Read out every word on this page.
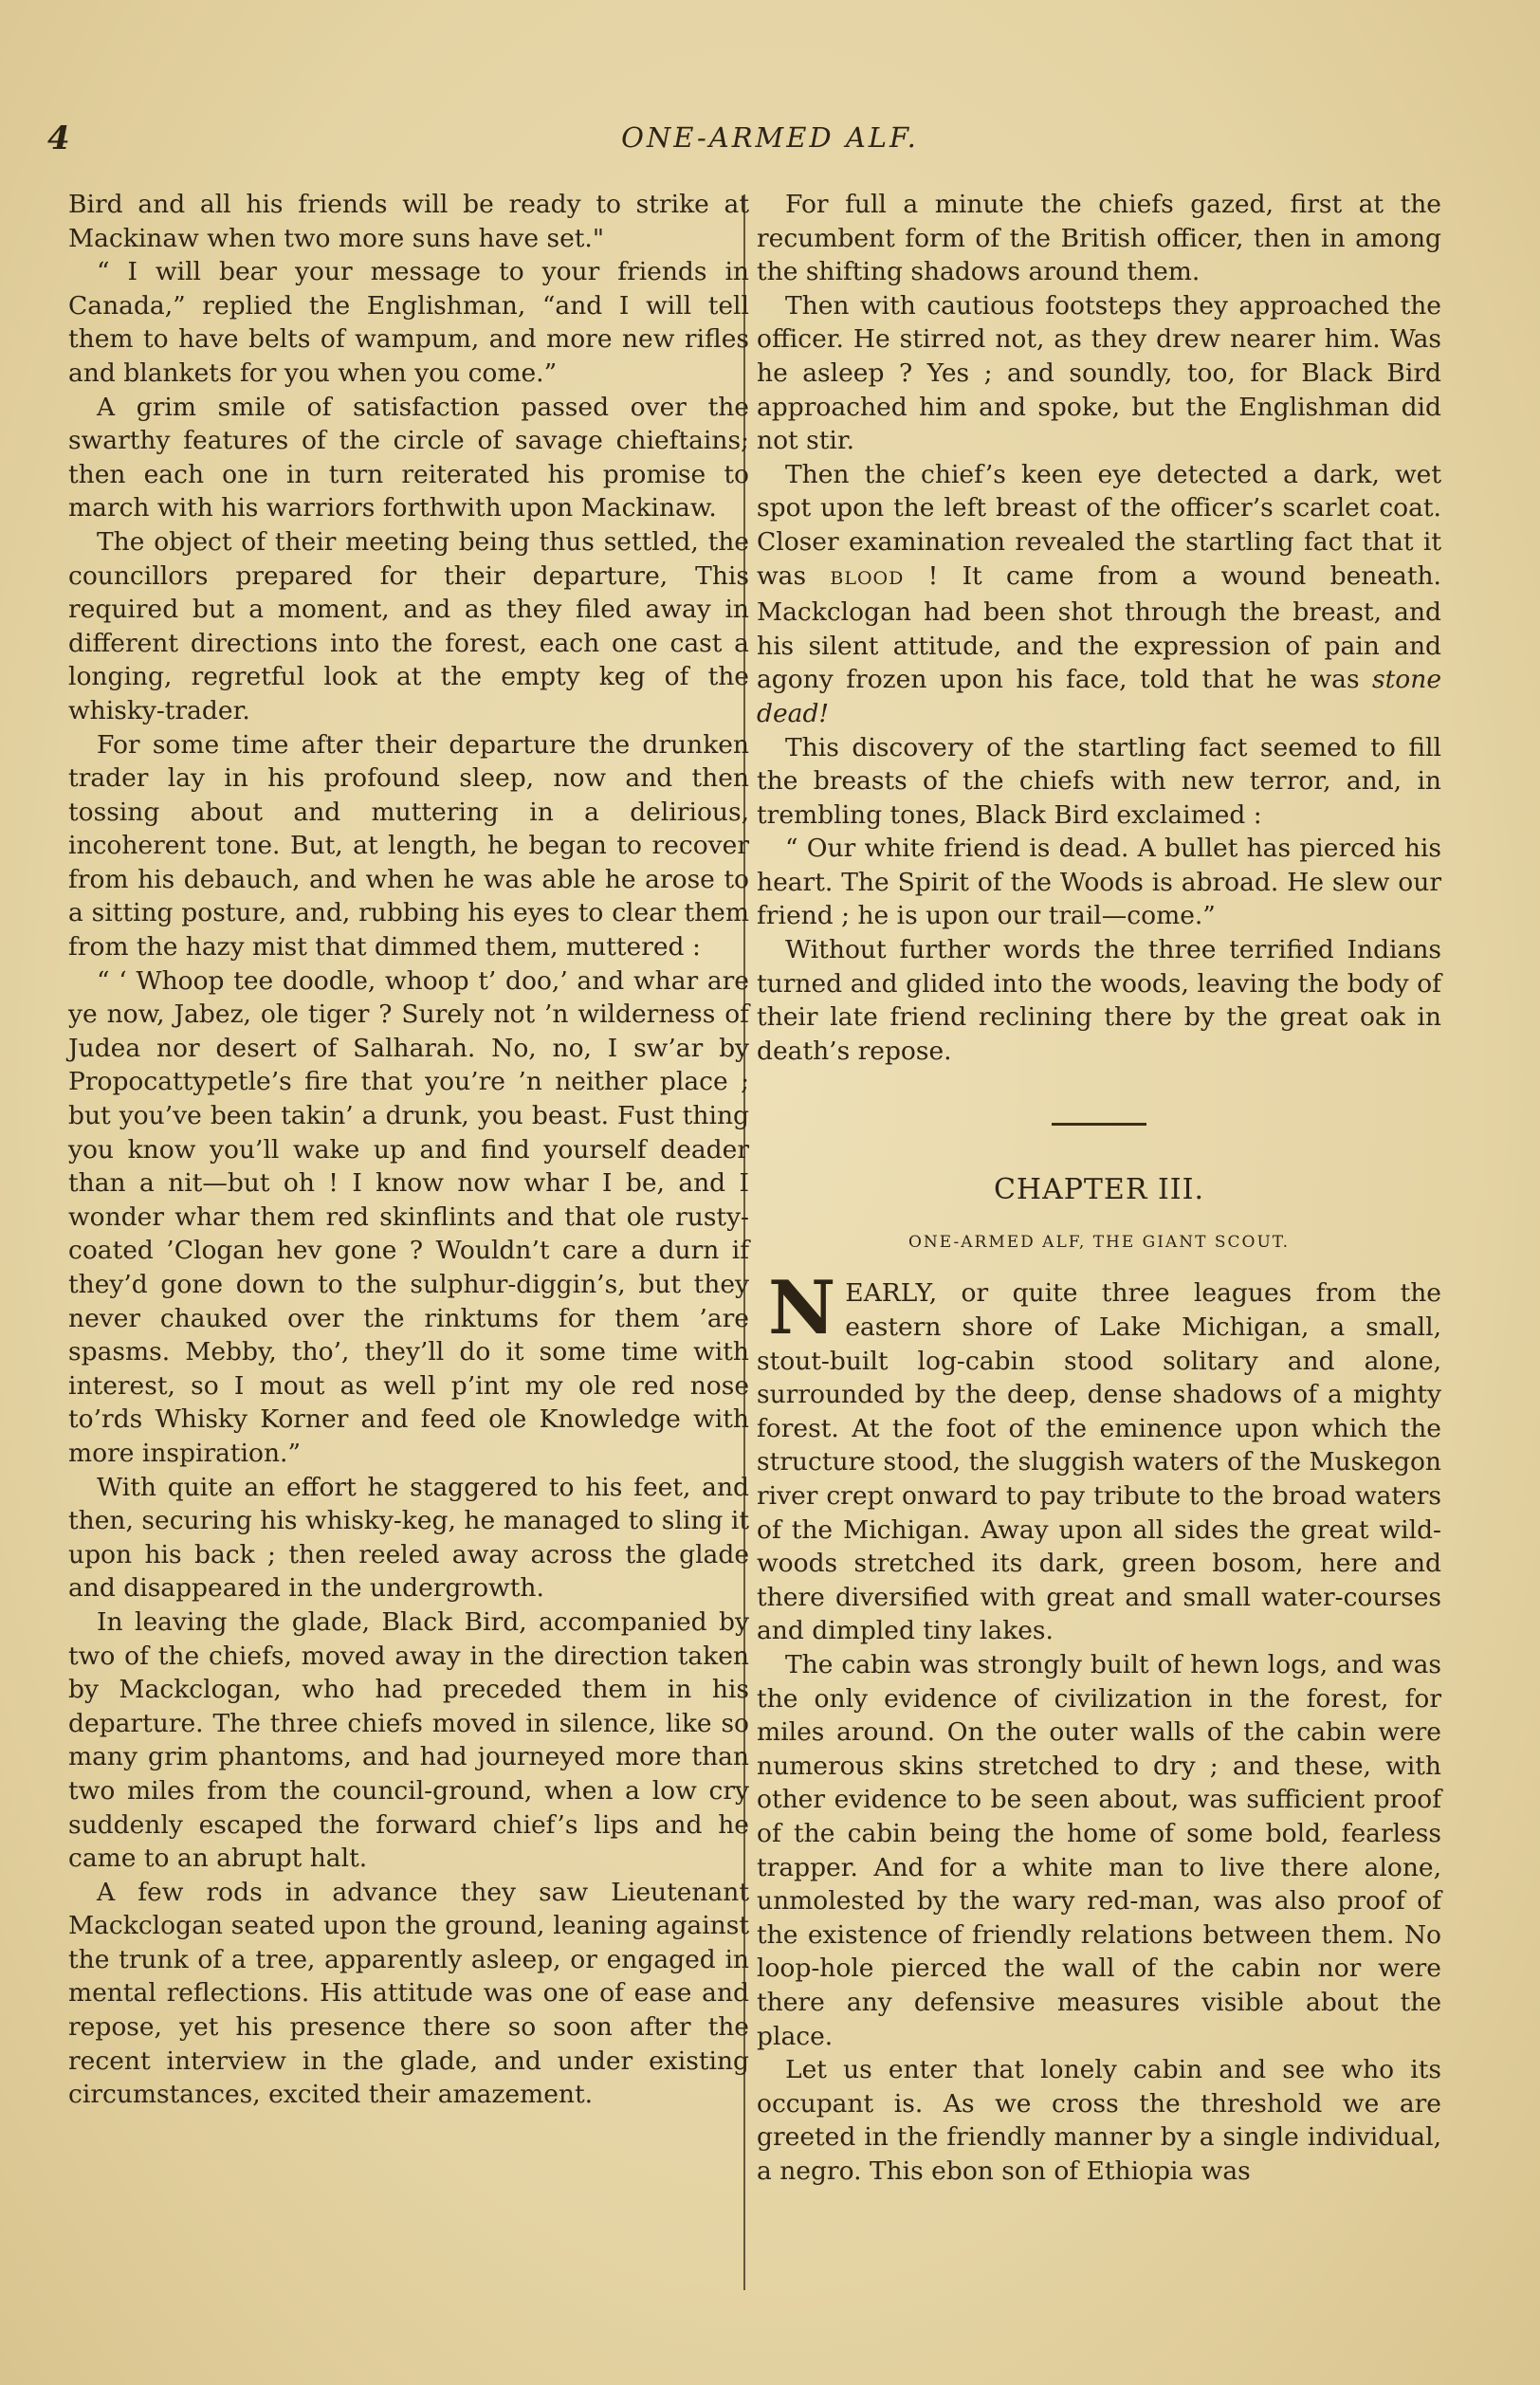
4	ONE-ARMED ALF.

Bird and all his friends will be ready to strike at Mackinaw when two more suns have set."

“ I will bear your message to your friends in Canada,” replied the Englishman, “and I will tell them to have belts of wampum, and more new rifles and blankets for you when you come.”

A grim smile of satisfaction passed over the swarthy features of the circle of savage chieftains; then each one in turn reiterated his promise to march with his warriors forthwith upon Mackinaw.

The object of their meeting being thus settled, the councillors prepared for their departure, This required but a moment, and as they filed away in different directions into the forest, each one cast a longing, regretful look at the empty keg of the whisky-trader.

For some time after their departure the drunken trader lay in his profound sleep, now and then tossing about and muttering in a delirious, incoherent tone. But, at length, he began to recover from his debauch, and when he was able he arose to a sitting posture, and, rubbing his eyes to clear them from the hazy mist that dimmed them, muttered :

“ ‘ Whoop tee doodle, whoop t’ doo,’ and whar are ye now, Jabez, ole tiger ? Surely not ’n wilderness of Judea nor desert of Salharah. No, no, I sw’ar by Propocattypetle’s fire that you’re ’n neither place ; but you’ve been takin’ a drunk, you beast. Fust thing you know you’ll wake up and find yourself deader than a nit—but oh ! I know now whar I be, and I wonder whar them red skinflints and that ole rusty-coated ’Clogan hev gone ? Wouldn’t care a durn if they’d gone down to the sulphur-diggin’s, but they never chauked over the rinktums for them ’are spasms. Mebby, tho’, they’ll do it some time with interest, so I mout as well p’int my ole red nose to’rds Whisky Korner and feed ole Knowledge with more inspiration.”

With quite an effort he staggered to his feet, and then, securing his whisky-keg, he managed to sling it upon his back ; then reeled away across the glade and disappeared in the undergrowth.

In leaving the glade, Black Bird, accompanied by two of the chiefs, moved away in the direction taken by Mackclogan, who had preceded them in his departure. The three chiefs moved in silence, like so many grim phantoms, and had journeyed more than two miles from the council-ground, when a low cry suddenly escaped the forward chief’s lips and he came to an abrupt halt.

A few rods in advance they saw Lieutenant Mackclogan seated upon the ground, leaning against the trunk of a tree, apparently asleep, or engaged in mental reflections. His attitude was one of ease and repose, yet his presence there so soon after the recent interview in the glade, and under existing circumstances, excited their amazement.

For full a minute the chiefs gazed, first at the recumbent form of the British officer, then in among the shifting shadows around them.

Then with cautious footsteps they approached the officer. He stirred not, as they drew nearer him. Was he asleep ? Yes ; and soundly, too, for Black Bird approached him and spoke, but the Englishman did not stir.

Then the chief’s keen eye detected a dark, wet spot upon the left breast of the officer’s scarlet coat. Closer examination revealed the startling fact that it was BLOOD ! It came from a wound beneath. Mackclogan had been shot through the breast, and his silent attitude, and the expression of pain and agony frozen upon his face, told that he was stone dead!

This discovery of the startling fact seemed to fill the breasts of the chiefs with new terror, and, in trembling tones, Black Bird exclaimed :

“ Our white friend is dead. A bullet has pierced his heart. The Spirit of the Woods is abroad. He slew our friend ; he is upon our trail—come.”

Without further words the three terrified Indians turned and glided into the woods, leaving the body of their late friend reclining there by the great oak in death’s repose.

CHAPTER III.
ONE-ARMED ALF, THE GIANT SCOUT.

NEARLY, or quite three leagues from the eastern shore of Lake Michigan, a small, stout-built log-cabin stood solitary and alone, surrounded by the deep, dense shadows of a mighty forest. At the foot of the eminence upon which the structure stood, the sluggish waters of the Muskegon river crept onward to pay tribute to the broad waters of the Michigan. Away upon all sides the great wild-woods stretched its dark, green bosom, here and there diversified with great and small water-courses and dimpled tiny lakes.

The cabin was strongly built of hewn logs, and was the only evidence of civilization in the forest, for miles around. On the outer walls of the cabin were numerous skins stretched to dry ; and these, with other evidence to be seen about, was sufficient proof of the cabin being the home of some bold, fearless trapper. And for a white man to live there alone, unmolested by the wary red-man, was also proof of the existence of friendly relations between them. No loop-hole pierced the wall of the cabin nor were there any defensive measures visible about the place.

Let us enter that lonely cabin and see who its occupant is. As we cross the threshold we are greeted in the friendly manner by a single individual, a negro. This ebon son of Ethiopia was
